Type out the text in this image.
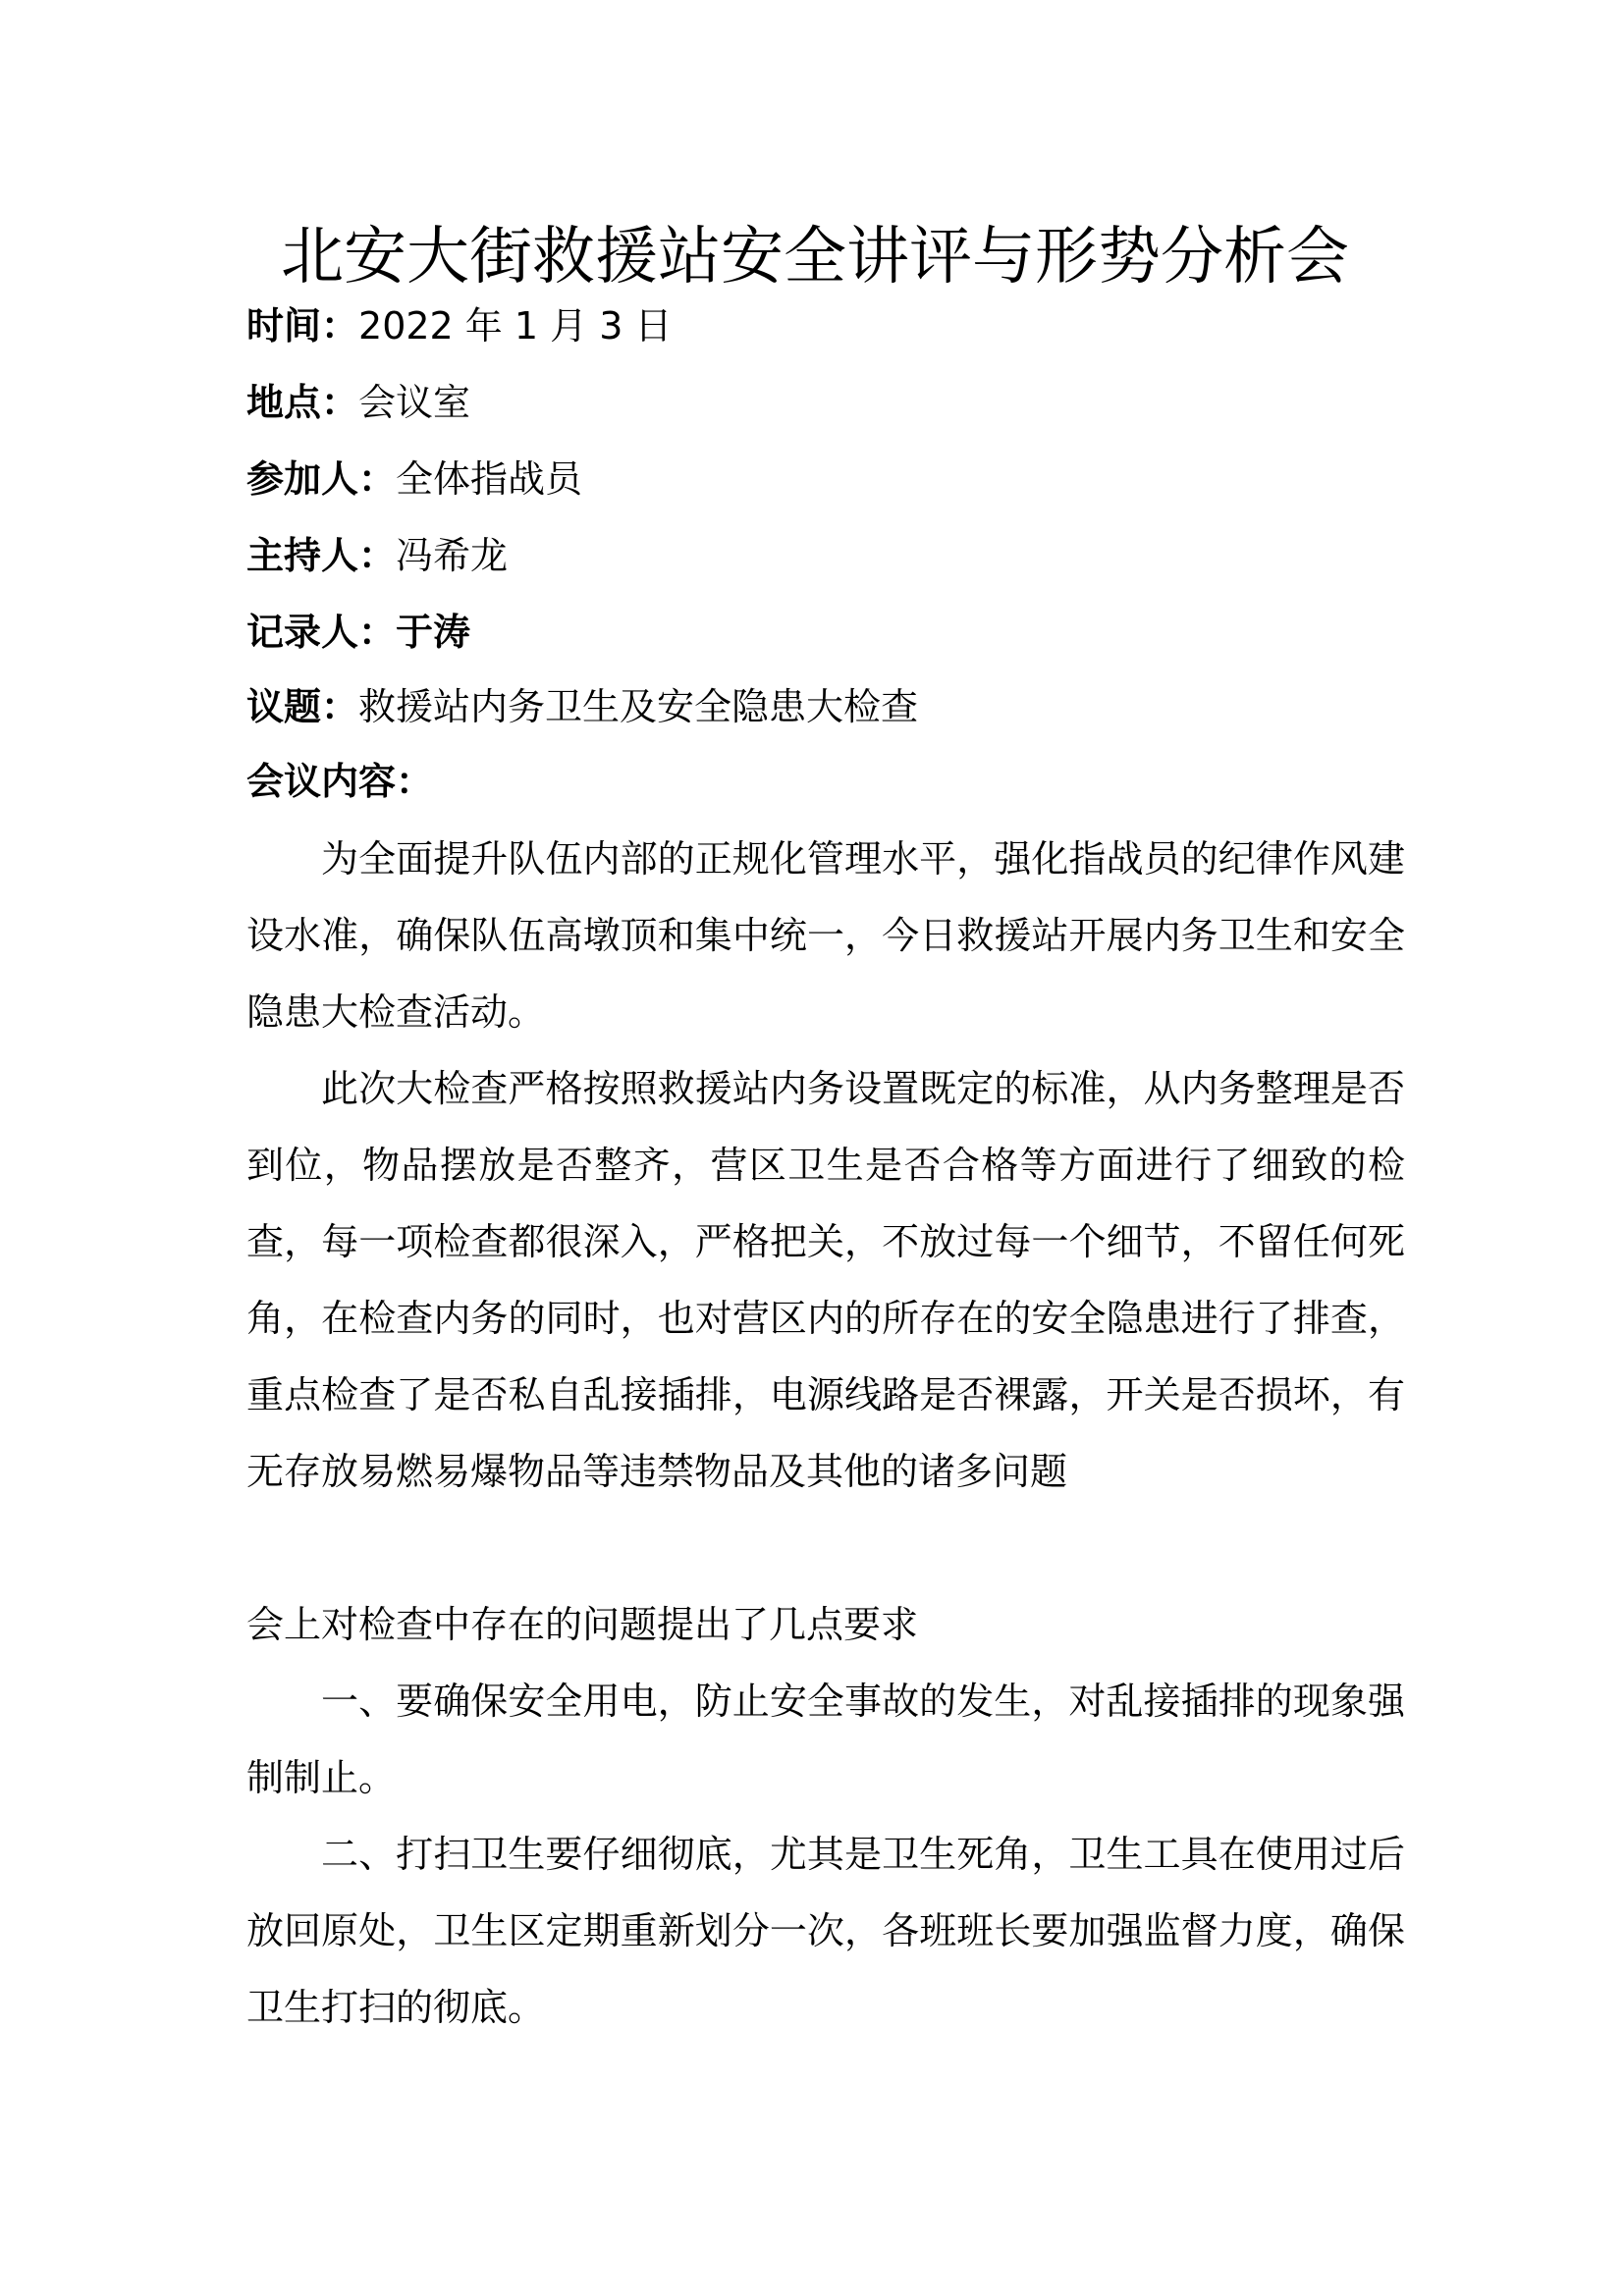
北安大街救援站安全讲评与形势分析会
时间：2022 年 1 月 3 日
地点：会议室
参加人：全体指战员
主持人：冯希龙
记录人：于涛
议题：救援站内务卫生及安全隐患大检查
会议内容：

为全面提升队伍内部的正规化管理水平，强化指战员的纪律作风建设水准，确保队伍高墩顶和集中统一，今日救援站开展内务卫生和安全隐患大检查活动。

此次大检查严格按照救援站内务设置既定的标准，从内务整理是否到位，物品摆放是否整齐，营区卫生是否合格等方面进行了细致的检查，每一项检查都很深入，严格把关，不放过每一个细节，不留任何死角，在检查内务的同时，也对营区内的所存在的安全隐患进行了排查，重点检查了是否私自乱接插排，电源线路是否裸露，开关是否损坏，有无存放易燃易爆物品等违禁物品及其他的诸多问题

会上对检查中存在的问题提出了几点要求

一、要确保安全用电，防止安全事故的发生，对乱接插排的现象强制制止。

二、打扫卫生要仔细彻底，尤其是卫生死角，卫生工具在使用过后放回原处，卫生区定期重新划分一次，各班班长要加强监督力度，确保卫生打扫的彻底。
